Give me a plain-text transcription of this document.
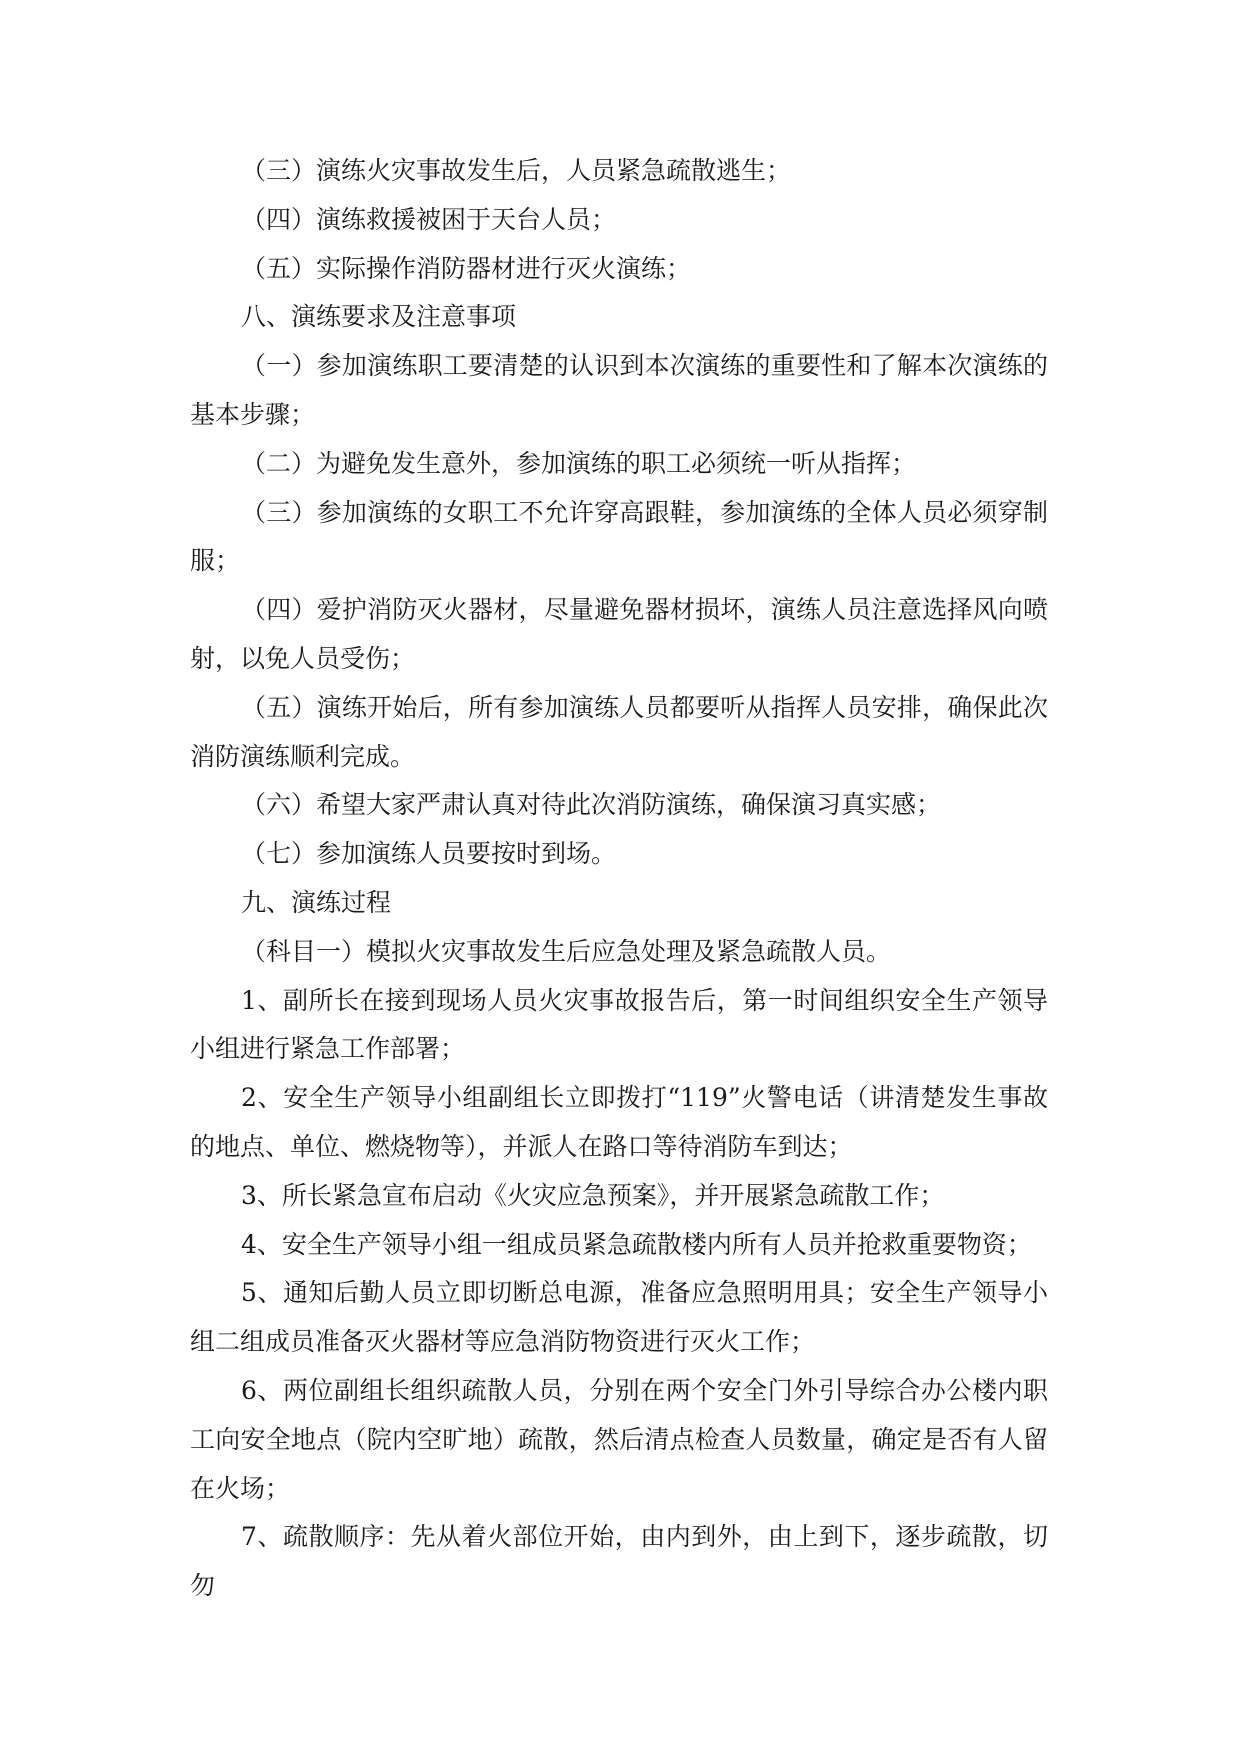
（三）演练火灾事故发生后，人员紧急疏散逃生；

（四）演练救援被困于天台人员；

（五）实际操作消防器材进行灭火演练；

八、演练要求及注意事项

（一）参加演练职工要清楚的认识到本次演练的重要性和了解本次演练的基本步骤；

（二）为避免发生意外，参加演练的职工必须统一听从指挥；

（三）参加演练的女职工不允许穿高跟鞋，参加演练的全体人员必须穿制服；

（四）爱护消防灭火器材，尽量避免器材损坏，演练人员注意选择风向喷射，以免人员受伤；

（五）演练开始后，所有参加演练人员都要听从指挥人员安排，确保此次消防演练顺利完成。

（六）希望大家严肃认真对待此次消防演练，确保演习真实感；

（七）参加演练人员要按时到场。

九、演练过程

（科目一）模拟火灾事故发生后应急处理及紧急疏散人员。

1、副所长在接到现场人员火灾事故报告后，第一时间组织安全生产领导小组进行紧急工作部署；

2、安全生产领导小组副组长立即拨打“119”火警电话（讲清楚发生事故的地点、单位、燃烧物等），并派人在路口等待消防车到达；

3、所长紧急宣布启动《火灾应急预案》，并开展紧急疏散工作；

4、安全生产领导小组一组成员紧急疏散楼内所有人员并抢救重要物资；

5、通知后勤人员立即切断总电源，准备应急照明用具；安全生产领导小组二组成员准备灭火器材等应急消防物资进行灭火工作；

6、两位副组长组织疏散人员，分别在两个安全门外引导综合办公楼内职工向安全地点（院内空旷地）疏散，然后清点检查人员数量，确定是否有人留在火场；

7、疏散顺序：先从着火部位开始，由内到外，由上到下，逐步疏散，切勿
